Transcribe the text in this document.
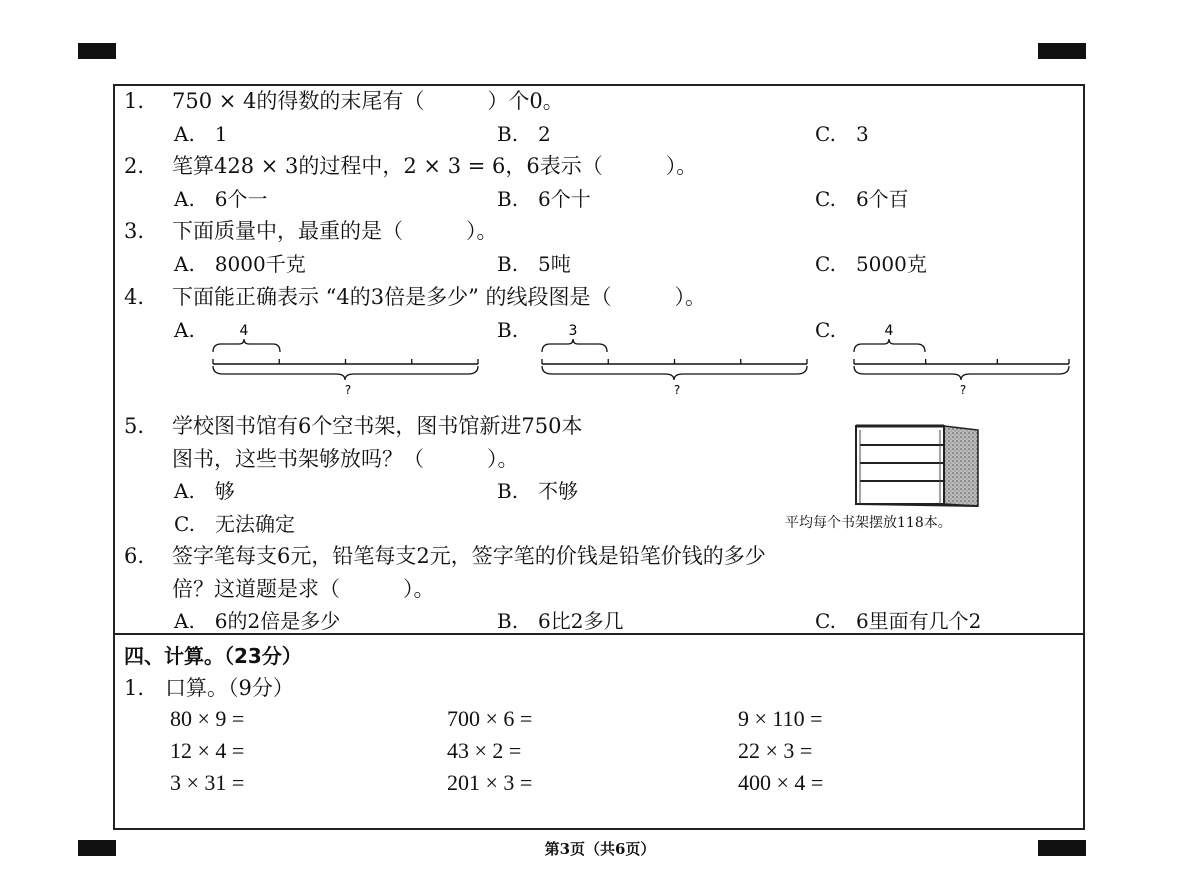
1. 750 × 4的得数的末尾有（　　　）个0。
A.　1	B.　2	C.　3
2. 笔算428 × 3的过程中，2 × 3 = 6，6表示（　　　）。
A.　6个一	B.　6个十	C.　6个百
3. 下面质量中，最重的是（　　　）。
A.　8000千克	B.　5吨	C.　5000克
4. 下面能正确表示 “4的3倍是多少” 的线段图是（　　　）。
A.	B.	C.
4
?
3
?
4
?
5. 学校图书馆有6个空书架，图书馆新进750本
图书，这些书架够放吗？（　　　）。
A.　够	B.　不够
C.　无法确定	平均每个书架摆放118本。
6. 签字笔每支6元，铅笔每支2元，签字笔的价钱是铅笔价钱的多少
倍？这道题是求（　　　）。
A.　6的2倍是多少	B.　6比2多几	C.　6里面有几个2
四、计算。（23分）
1.　口算。（9分）
80 × 9 =	700 × 6 =	9 × 110 =
12 × 4 =	43 × 2 =	22 × 3 =
3 × 31 =	201 × 3 =	400 × 4 =
第3页（共6页）
